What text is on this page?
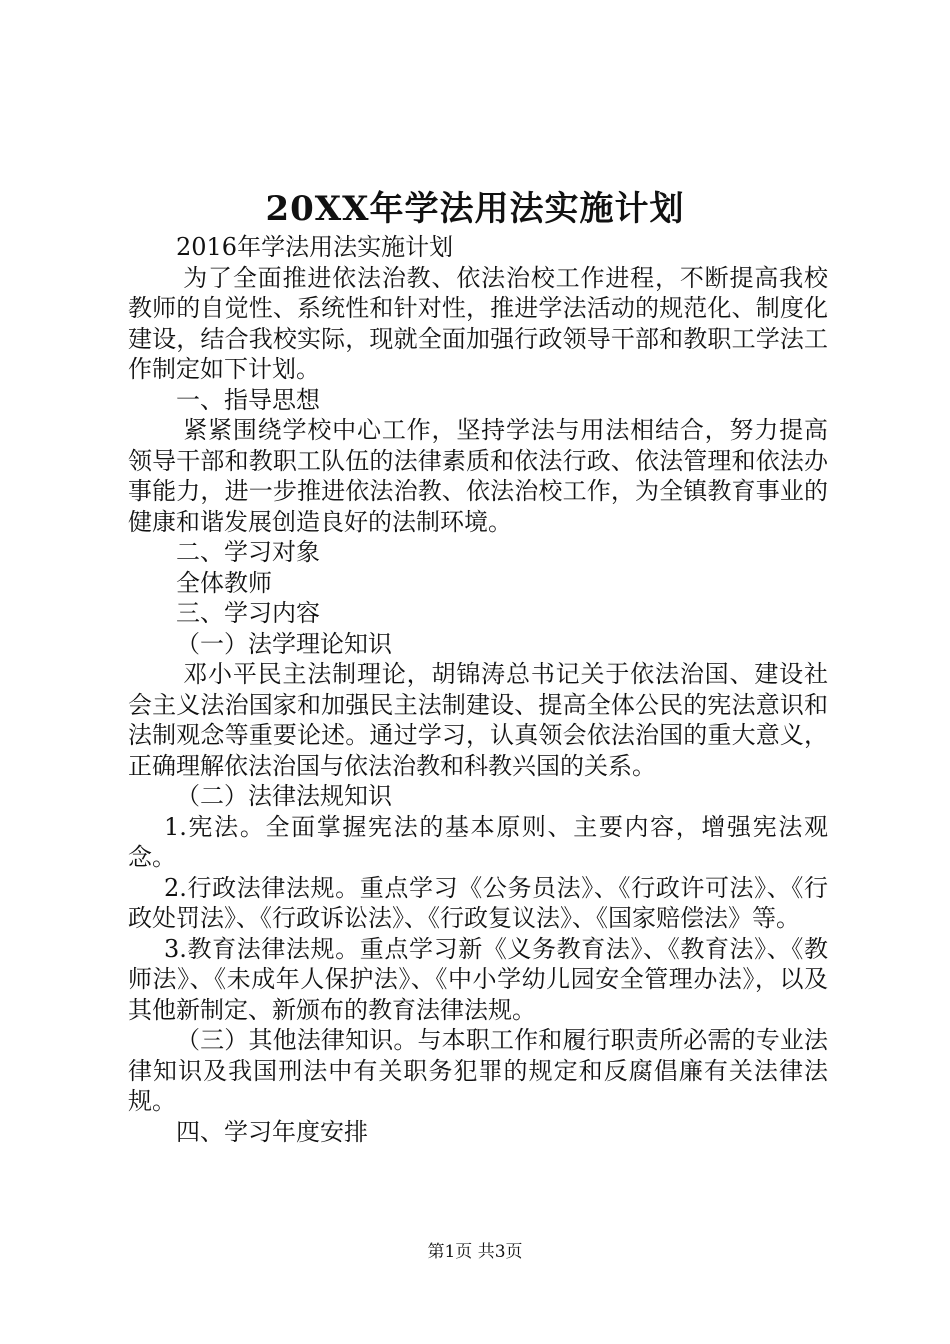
20XX年学法用法实施计划

2016年学法用法实施计划

为了全面推进依法治教、依法治校工作进程，不断提高我校教师的自觉性、系统性和针对性，推进学法活动的规范化、制度化建设，结合我校实际，现就全面加强行政领导干部和教职工学法工作制定如下计划。

一、指导思想

紧紧围绕学校中心工作，坚持学法与用法相结合，努力提高领导干部和教职工队伍的法律素质和依法行政、依法管理和依法办事能力，进一步推进依法治教、依法治校工作，为全镇教育事业的健康和谐发展创造良好的法制环境。

二、学习对象

全体教师

三、学习内容

（一）法学理论知识

邓小平民主法制理论，胡锦涛总书记关于依法治国、建设社会主义法治国家和加强民主法制建设、提高全体公民的宪法意识和法制观念等重要论述。通过学习，认真领会依法治国的重大意义，正确理解依法治国与依法治教和科教兴国的关系。

（二）法律法规知识

1.宪法。全面掌握宪法的基本原则、主要内容，增强宪法观念。

2.行政法律法规。重点学习《公务员法》、《行政许可法》、《行政处罚法》、《行政诉讼法》、《行政复议法》、《国家赔偿法》等。

3.教育法律法规。重点学习新《义务教育法》、《教育法》、《教师法》、《未成年人保护法》、《中小学幼儿园安全管理办法》，以及其他新制定、新颁布的教育法律法规。

（三）其他法律知识。与本职工作和履行职责所必需的专业法律知识及我国刑法中有关职务犯罪的规定和反腐倡廉有关法律法规。

四、学习年度安排

第1页 共3页
